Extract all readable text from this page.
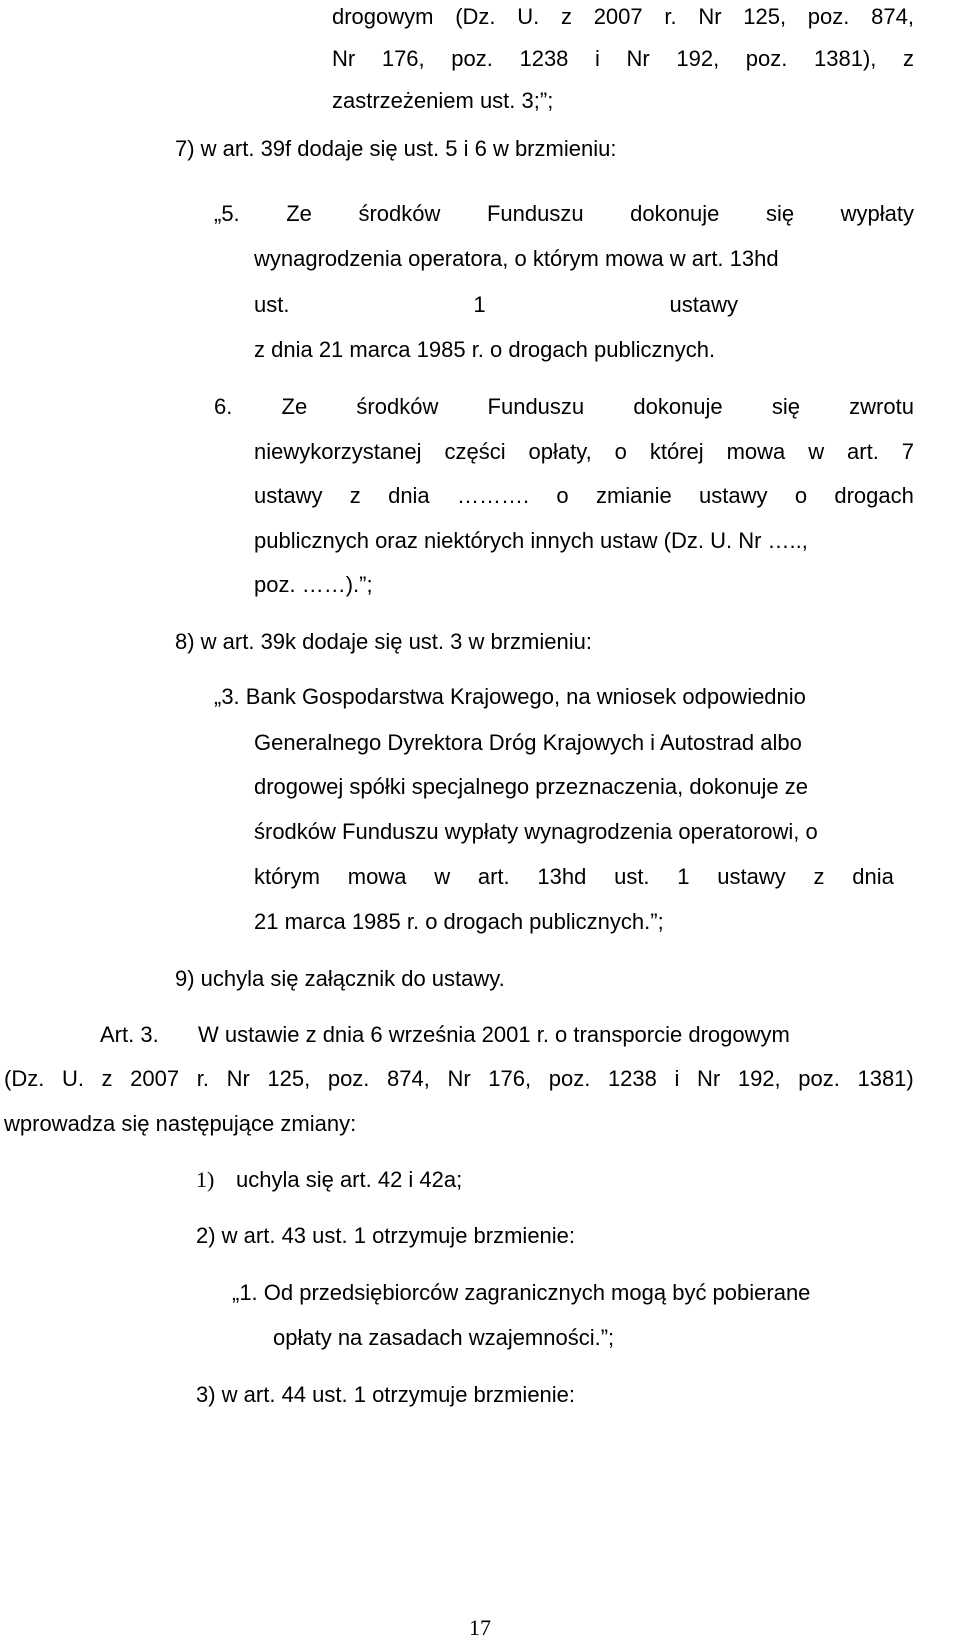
drogowym (Dz. U. z 2007 r. Nr 125, poz. 874,
Nr 176, poz. 1238 i Nr 192, poz. 1381), z
zastrzeżeniem ust. 3;”;
7) w art. 39f dodaje się ust. 5 i 6 w brzmieniu:
„5. Ze środków Funduszu dokonuje się wypłaty
wynagrodzenia operatora, o którym mowa w art. 13hd
ust.	1	ustawy
z dnia 21 marca 1985 r. o drogach publicznych.
6. Ze środków Funduszu dokonuje się zwrotu
niewykorzystanej części opłaty, o której mowa w art. 7
ustawy z dnia ………. o zmianie ustawy o drogach
publicznych oraz niektórych innych ustaw (Dz. U. Nr …..,
poz. ……).”;
8) w art. 39k dodaje się ust. 3 w brzmieniu:
„3. Bank Gospodarstwa Krajowego, na wniosek odpowiednio
Generalnego Dyrektora Dróg Krajowych i Autostrad albo
drogowej spółki specjalnego przeznaczenia, dokonuje ze
środków Funduszu wypłaty wynagrodzenia operatorowi, o
którym mowa w art. 13hd ust. 1 ustawy z dnia
21 marca 1985 r. o drogach publicznych.”;
9) uchyla się załącznik do ustawy.
Art. 3. W ustawie z dnia 6 września 2001 r. o transporcie drogowym
(Dz. U. z 2007 r. Nr 125, poz. 874, Nr 176, poz. 1238 i Nr 192, poz. 1381)
wprowadza się następujące zmiany:
1) uchyla się art. 42 i 42a;
2) w art. 43 ust. 1 otrzymuje brzmienie:
„1. Od przedsiębiorców zagranicznych mogą być pobierane
opłaty na zasadach wzajemności.”;
3) w art. 44 ust. 1 otrzymuje brzmienie:
17
